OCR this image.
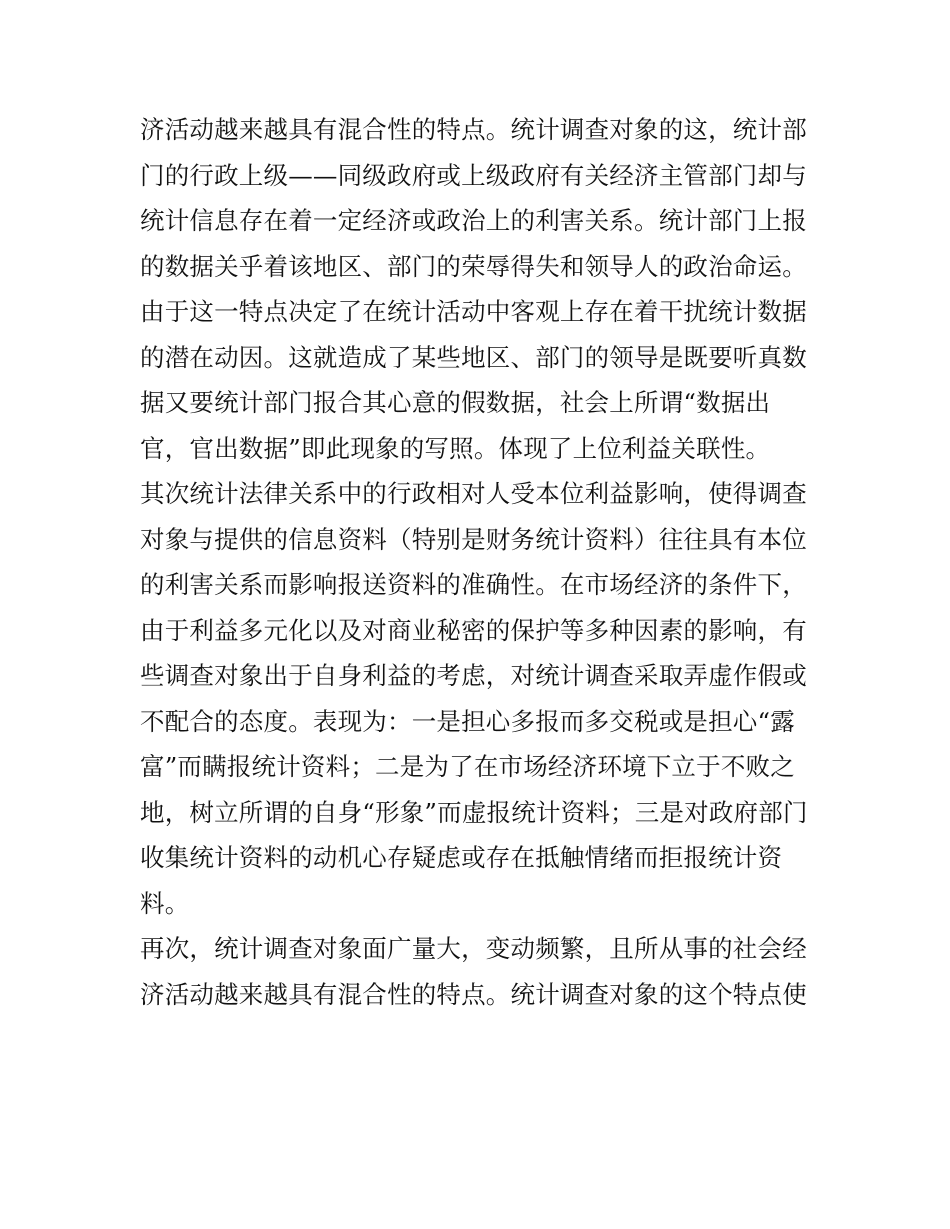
济活动越来越具有混合性的特点。统计调查对象的这，统计部
门的行政上级——同级政府或上级政府有关经济主管部门却与
统计信息存在着一定经济或政治上的利害关系。统计部门上报
的数据关乎着该地区、部门的荣辱得失和领导人的政治命运。
由于这一特点决定了在统计活动中客观上存在着干扰统计数据
的潜在动因。这就造成了某些地区、部门的领导是既要听真数
据又要统计部门报合其心意的假数据，社会上所谓“数据出
官，官出数据”即此现象的写照。体现了上位利益关联性。
其次统计法律关系中的行政相对人受本位利益影响，使得调查
对象与提供的信息资料（特别是财务统计资料）往往具有本位
的利害关系而影响报送资料的准确性。在市场经济的条件下，
由于利益多元化以及对商业秘密的保护等多种因素的影响，有
些调查对象出于自身利益的考虑，对统计调查采取弄虚作假或
不配合的态度。表现为：一是担心多报而多交税或是担心“露
富”而瞒报统计资料；二是为了在市场经济环境下立于不败之
地，树立所谓的自身“形象”而虚报统计资料；三是对政府部门
收集统计资料的动机心存疑虑或存在抵触情绪而拒报统计资
料。
再次，统计调查对象面广量大，变动频繁，且所从事的社会经
济活动越来越具有混合性的特点。统计调查对象的这个特点使
